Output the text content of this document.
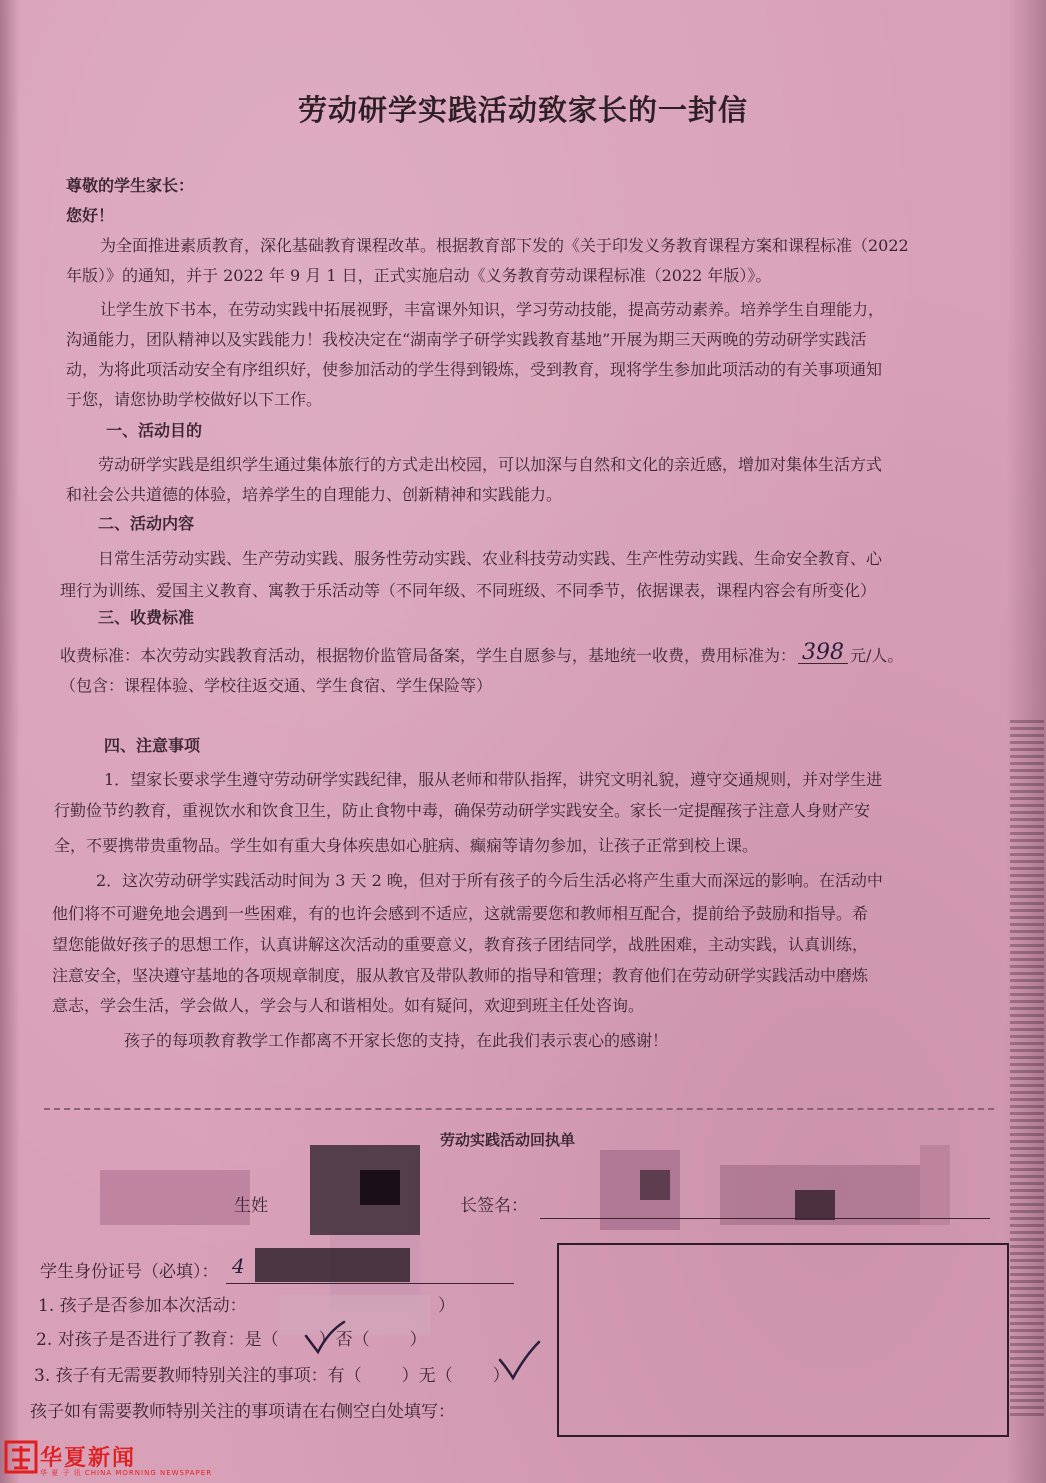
劳动研学实践活动致家长的一封信
尊敬的学生家长：
您好！
为全面推进素质教育，深化基础教育课程改革。根据教育部下发的《关于印发义务教育课程方案和课程标准（2022
年版）》的通知，并于 2022 年 9 月 1 日，正式实施启动《义务教育劳动课程标准（2022 年版）》。
让学生放下书本，在劳动实践中拓展视野，丰富课外知识，学习劳动技能，提高劳动素养。培养学生自理能力，
沟通能力，团队精神以及实践能力！我校决定在“湖南学子研学实践教育基地”开展为期三天两晚的劳动研学实践活
动，为将此项活动安全有序组织好，使参加活动的学生得到锻炼，受到教育，现将学生参加此项活动的有关事项通知
于您，请您协助学校做好以下工作。
一、活动目的
劳动研学实践是组织学生通过集体旅行的方式走出校园，可以加深与自然和文化的亲近感，增加对集体生活方式
和社会公共道德的体验，培养学生的自理能力、创新精神和实践能力。
二、活动内容
日常生活劳动实践、生产劳动实践、服务性劳动实践、农业科技劳动实践、生产性劳动实践、生命安全教育、心
理行为训练、爱国主义教育、寓教于乐活动等（不同年级、不同班级、不同季节，依据课表，课程内容会有所变化）
三、收费标准
收费标准：本次劳动实践教育活动，根据物价监管局备案，学生自愿参与，基地统一收费，费用标准为： 398 元/人。
（包含：课程体验、学校往返交通、学生食宿、学生保险等）
四、注意事项
1．望家长要求学生遵守劳动研学实践纪律，服从老师和带队指挥，讲究文明礼貌，遵守交通规则，并对学生进
行勤俭节约教育，重视饮水和饮食卫生，防止食物中毒，确保劳动研学实践安全。家长一定提醒孩子注意人身财产安
全，不要携带贵重物品。学生如有重大身体疾患如心脏病、癫痫等请勿参加，让孩子正常到校上课。
2．这次劳动研学实践活动时间为 3 天 2 晚，但对于所有孩子的今后生活必将产生重大而深远的影响。在活动中
他们将不可避免地会遇到一些困难，有的也许会感到不适应，这就需要您和教师相互配合，提前给予鼓励和指导。希
望您能做好孩子的思想工作，认真讲解这次活动的重要意义，教育孩子团结同学，战胜困难，主动实践，认真训练，
注意安全，坚决遵守基地的各项规章制度，服从教官及带队教师的指导和管理；教育他们在劳动研学实践活动中磨炼
意志，学会生活，学会做人，学会与人和谐相处。如有疑问，欢迎到班主任处咨询。
孩子的每项教育教学工作都离不开家长您的支持，在此我们表示衷心的感谢！
劳动实践活动回执单
生姓	长签名：
学生身份证号（必填）： 4
1. 孩子是否参加本次活动：	）
2. 对孩子是否进行了教育：是（ ）否（ ）
3. 孩子有无需要教师特别关注的事项：有（ ）无（ ）
孩子如有需要教师特别关注的事项请在右侧空白处填写：
华夏新闻
华 夏 子 讯 CHINA MORNING NEWSPAPER
